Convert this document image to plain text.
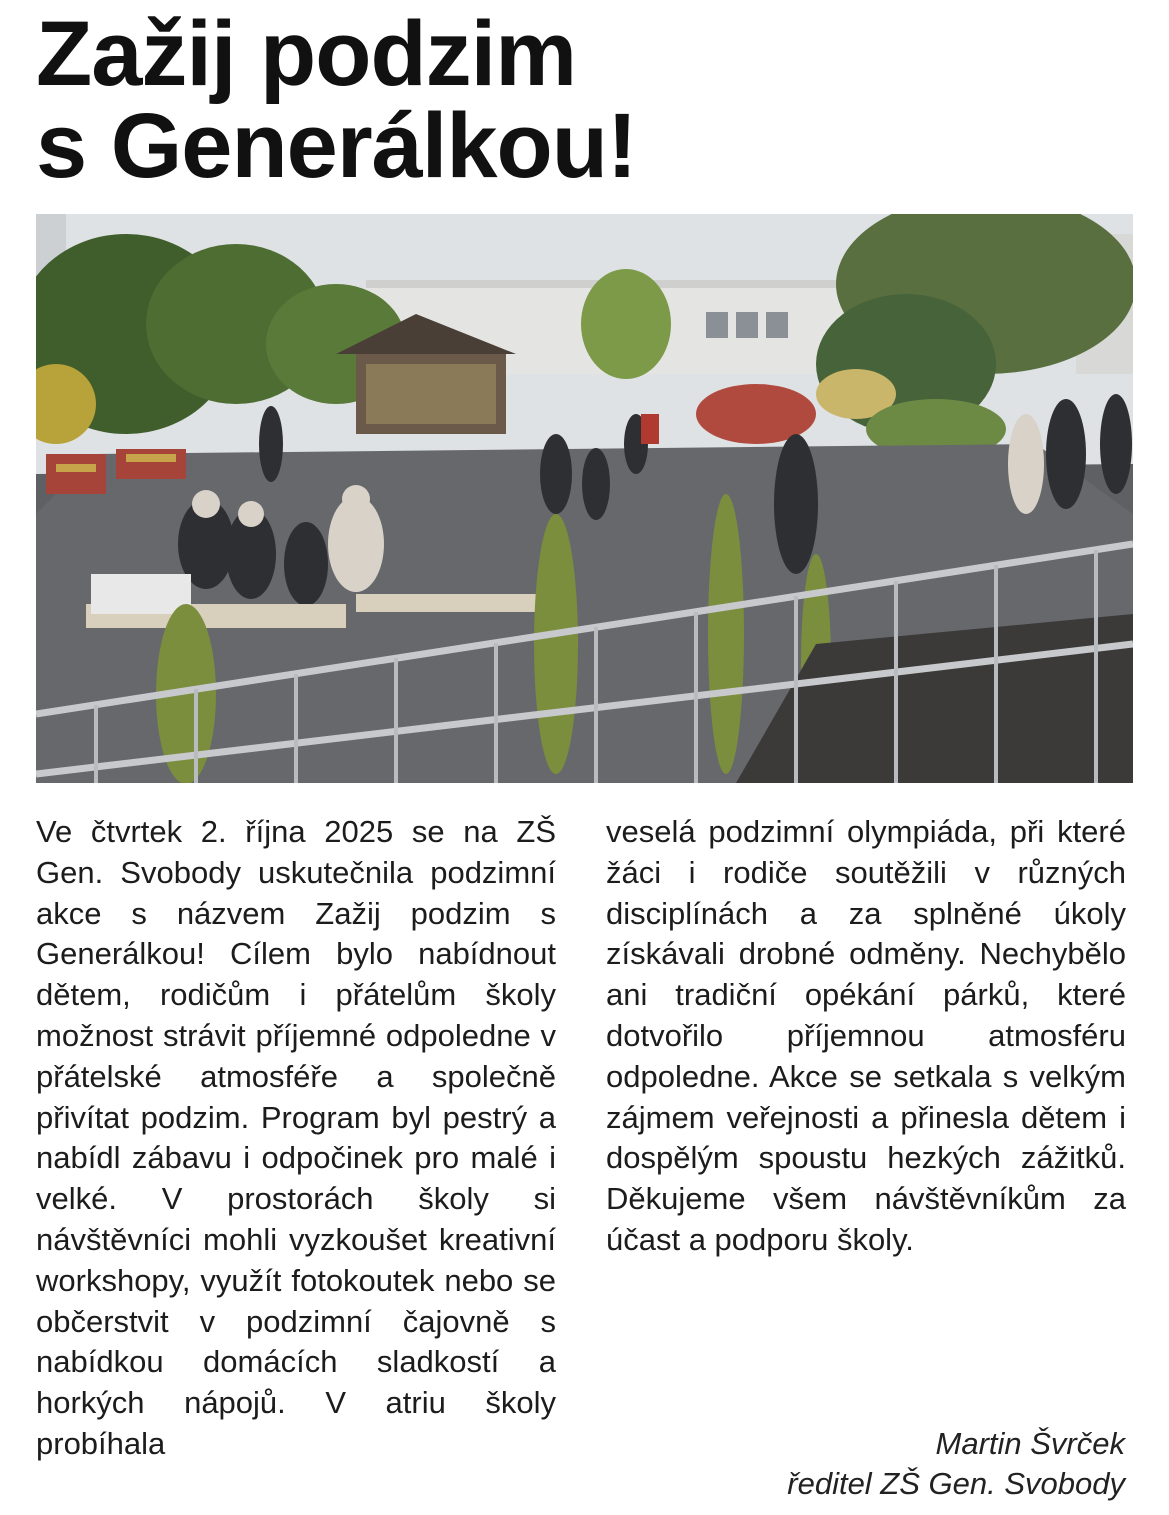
Zažij podzim
s Generálkou!

Ve čtvrtek 2. října 2025 se na ZŠ Gen. Svobody uskutečnila podzimní akce s názvem Zažij podzim s Generálkou! Cílem bylo nabídnout dětem, rodičům i přátelům školy možnost strávit příjemné odpoledne v přátelské atmosféře a společně přivítat podzim. Program byl pestrý a nabídl zábavu i odpočinek pro malé i velké. V prostorách školy si návštěvníci mohli vyzkoušet kreativní workshopy, využít fotokoutek nebo se občerstvit v podzimní čajovně s nabídkou domácích sladkostí a horkých nápojů. V atriu školy probíhala

veselá podzimní olympiáda, při které žáci i rodiče soutěžili v různých disciplínách a za splněné úkoly získávali drobné odměny. Nechybělo ani tradiční opékání párků, které dotvořilo příjemnou atmosféru odpoledne. Akce se setkala s velkým zájmem veřejnosti a přinesla dětem i dospělým spoustu hezkých zážitků. Děkujeme všem návštěvníkům za účast a podporu školy.

Martin Švrček
ředitel ZŠ Gen. Svobody
